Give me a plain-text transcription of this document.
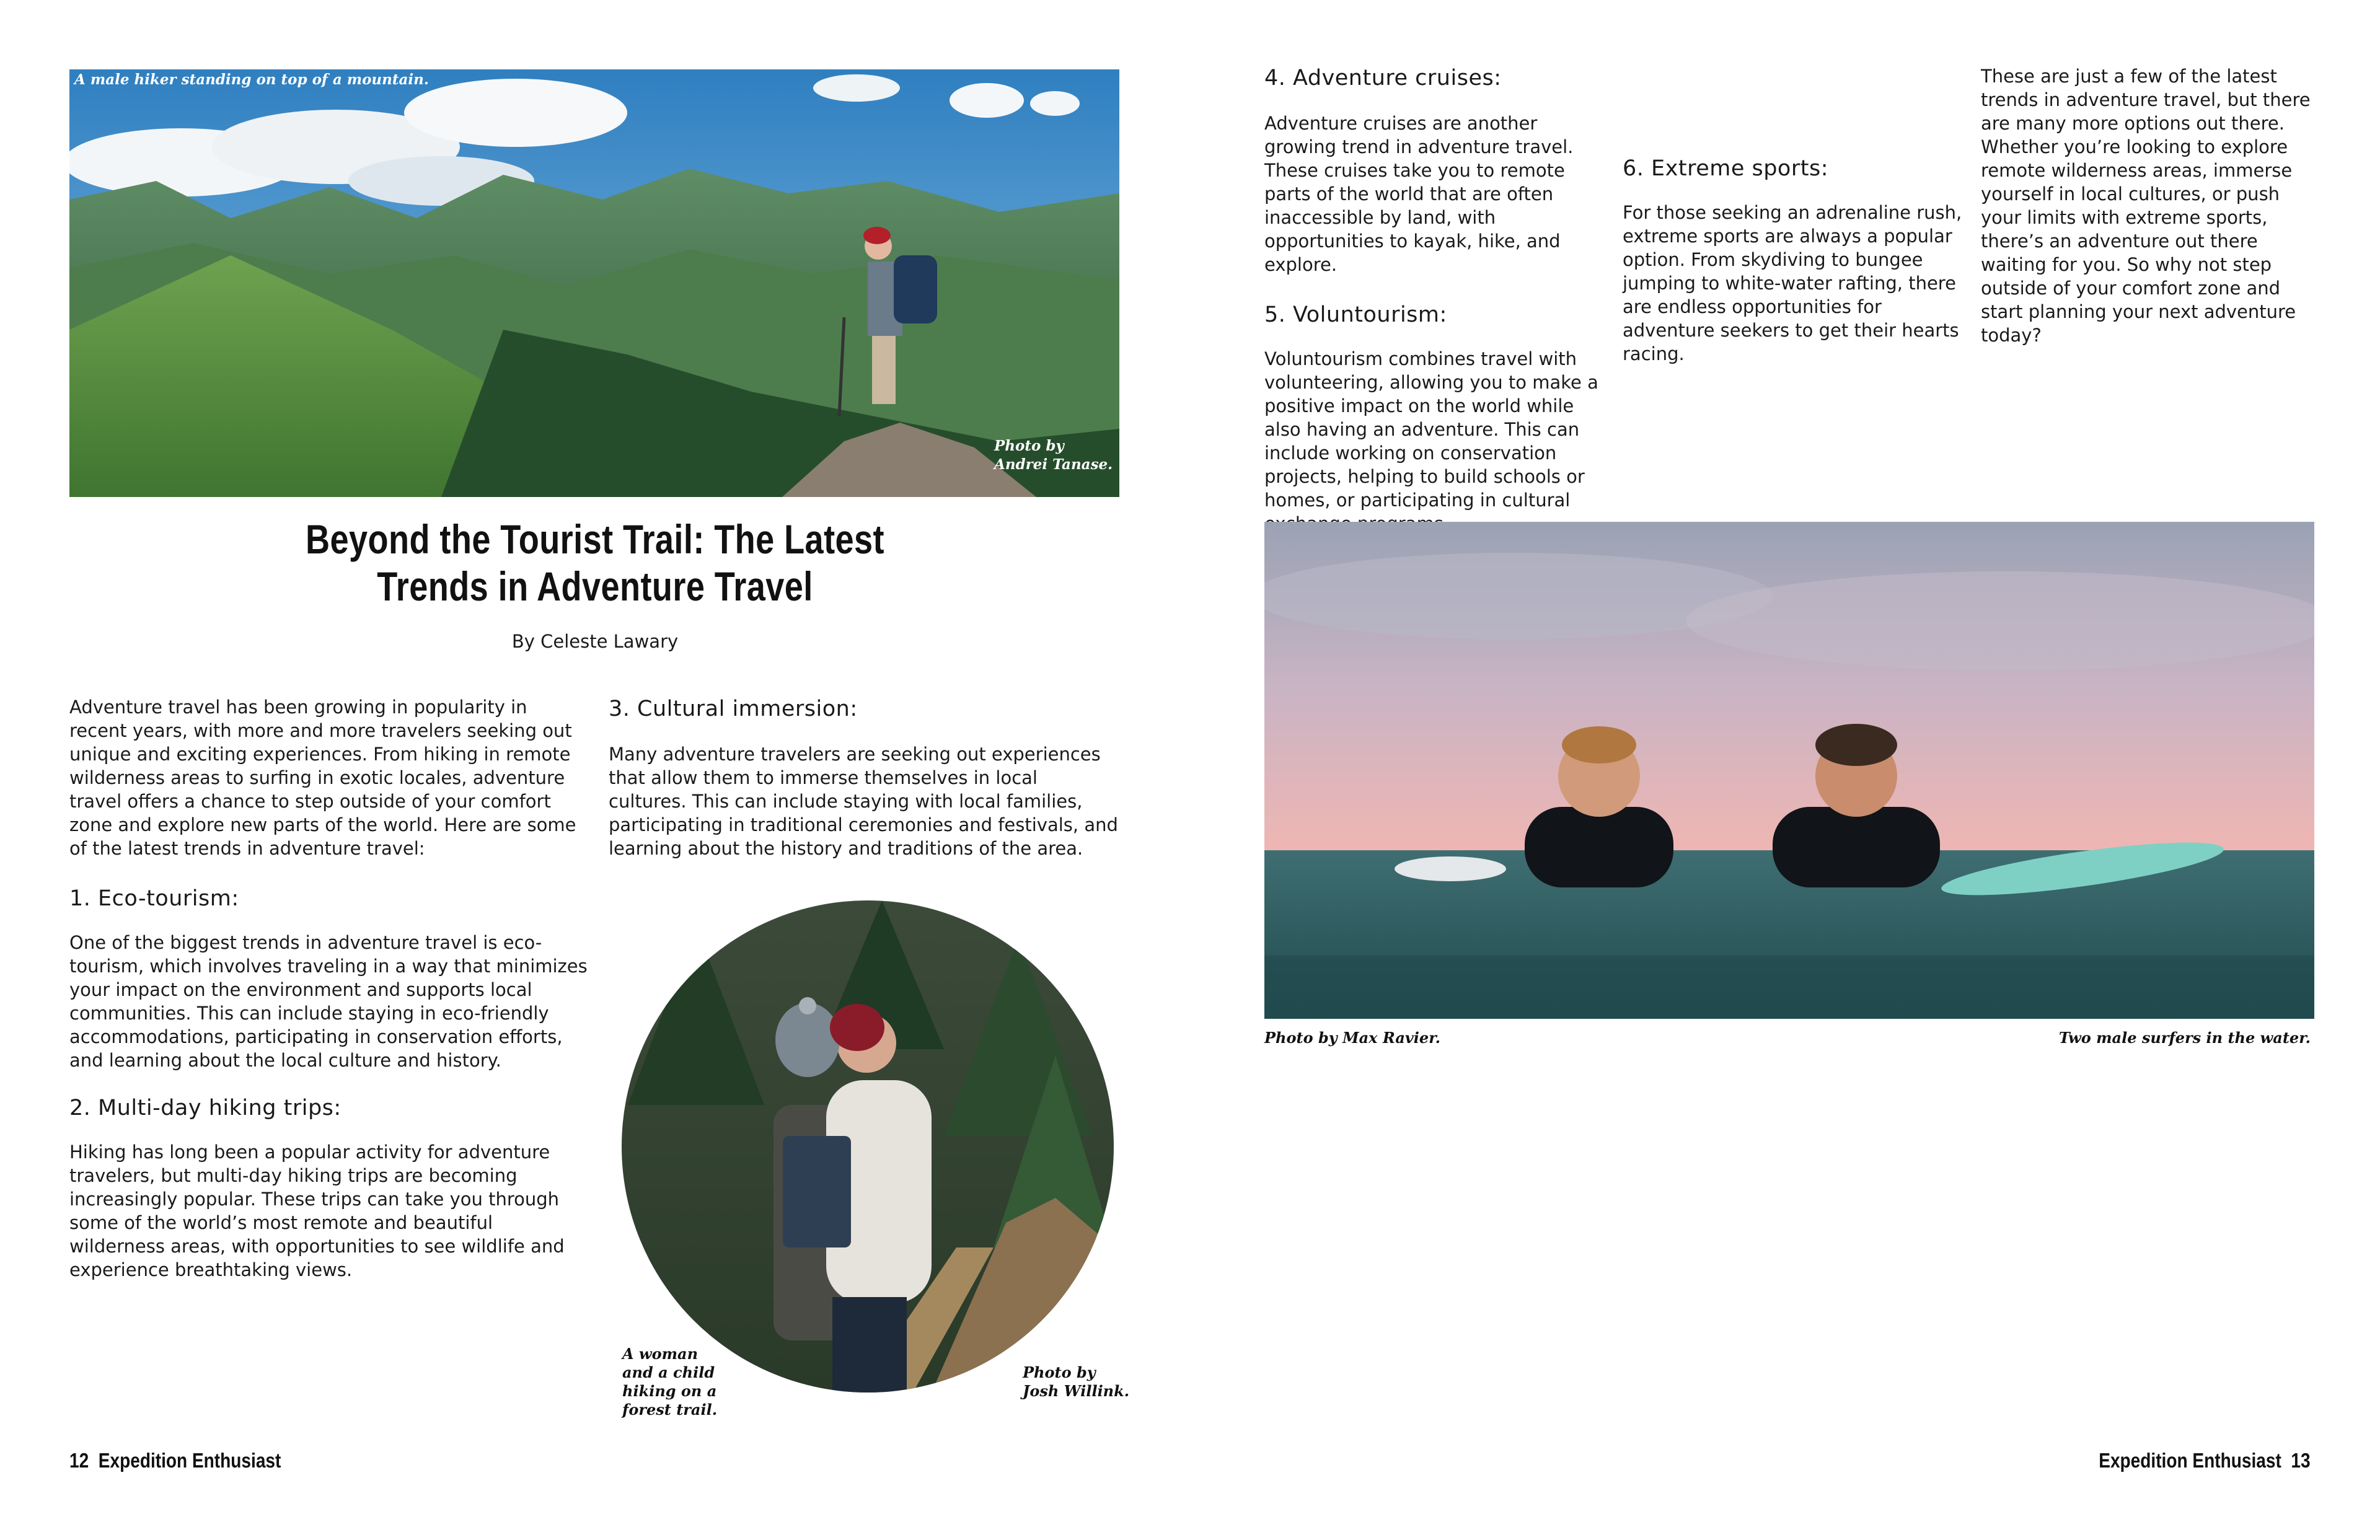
A male hiker standing on top of a mountain.
Photo by
Andrei Tanase.
Beyond the Tourist Trail: The Latest Trends in Adventure Travel
By Celeste Lawary

Adventure travel has been growing in popularity in recent years, with more and more travelers seeking out unique and exciting experiences. From hiking in remote wilderness areas to surfing in exotic locales, adventure travel offers a chance to step outside of your comfort zone and explore new parts of the world. Here are some of the latest trends in adventure travel:

1. Eco-tourism:

One of the biggest trends in adventure travel is eco-tourism, which involves traveling in a way that minimizes your impact on the environment and supports local communities. This can include staying in eco-friendly accommodations, participating in conservation efforts, and learning about the local culture and history.

2. Multi-day hiking trips:

Hiking has long been a popular activity for adventure travelers, but multi-day hiking trips are becoming increasingly popular. These trips can take you through some of the world’s most remote and beautiful wilderness areas, with opportunities to see wildlife and experience breathtaking views.

3. Cultural immersion:

Many adventure travelers are seeking out experiences that allow them to immerse themselves in local cultures. This can include staying with local families, participating in traditional ceremonies and festivals, and learning about the history and traditions of the area.

A woman
and a child
hiking on a
forest trail.
Photo by
Josh Willink.
12 Expedition Enthusiast

4. Adventure cruises:

Adventure cruises are another growing trend in adventure travel. These cruises take you to remote parts of the world that are often inaccessible by land, with opportunities to kayak, hike, and explore.

5. Voluntourism:

Voluntourism combines travel with volunteering, allowing you to make a positive impact on the world while also having an adventure. This can include working on conservation projects, helping to build schools or homes, or participating in cultural

6. Extreme sports:

For those seeking an adrenaline rush, extreme sports are always a popular option. From skydiving to bungee jumping to white-water rafting, there are endless opportunities for adventure seekers to get their hearts racing.

These are just a few of the latest trends in adventure travel, but there are many more options out there. Whether you’re looking to explore remote wilderness areas, immerse yourself in local cultures, or push your limits with extreme sports, there’s an adventure out there waiting for you. So why not step outside of your comfort zone and start planning your next adventure today?

Photo by Max Ravier.	Two male surfers in the water.
Expedition Enthusiast 13
